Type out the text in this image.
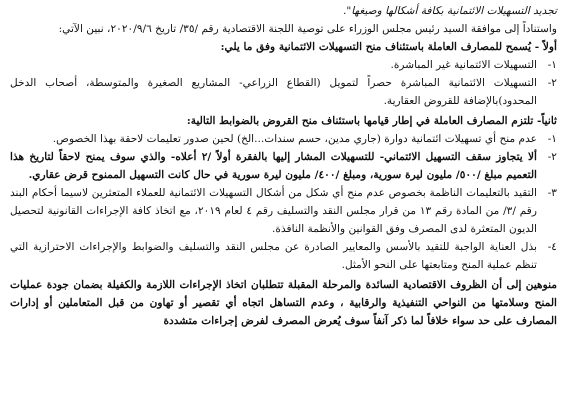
تجديد التسهيلات الائتمانية بكافة أشكالها وصيغها".

واستناداً إلى موافقة السيد رئيس مجلس الوزراء على توصية اللجنة الاقتصادية رقم /٣٥/ تاريخ ٢٠٢٠/٩/٦، نبين الآتي:

أولاً - يُسمح للمصارف العاملة باستئناف منح التسهيلات الائتمانية وفق ما يلي:

١-
التسهيلات الائتمانية غير المباشرة.
٢-
التسهيلات الائتمانية المباشرة حصراً لتمويل (القطاع الزراعي- المشاريع الصغيرة والمتوسطة، أصحاب الدخل المحدود)بالإضافة للقروض العقارية.

ثانياً- تلتزم المصارف العاملة في إطار قيامها باستئناف منح القروض بالضوابط التالية:

١-
عدم منح أي تسهيلات ائتمانية دوارة (جاري مدين، حسم سندات...الخ) لحين صدور تعليمات لاحقة بهذا الخصوص.
٢-
ألا يتجاوز سقف التسهيل الائتماني- للتسهيلات المشار إليها بالفقرة أولاً /٢ أعلاه- والذي سوف يمنح لاحقاً لتاريخ هذا التعميم مبلغ /٥٠٠/ مليون ليرة سورية، ومبلغ /٤٠٠/ مليون ليرة سورية في حال كانت التسهيل الممنوح قرض عقاري.
٣-
التقيد بالتعليمات الناظمة بخصوص عدم منح أي شكل من أشكال التسهيلات الائتمانية للعملاء المتعثرين لاسيما أحكام البند رقم /٣/ من المادة رقم ١٣ من قرار مجلس النقد والتسليف رقم ٤ لعام ٢٠١٩، مع اتخاذ كافة الإجراءات القانونية لتحصيل الديون المتعثرة لدى المصرف وفق القوانين والأنظمة النافذة.
٤-
بذل العناية الواجبة للتقيد بالأسس والمعايير الصادرة عن مجلس النقد والتسليف والضوابط والإجراءات الاحترازية التي تنظم عملية المنح ومتابعتها على النحو الأمثل.

منوهين إلى أن الظروف الاقتصادية السائدة والمرحلة المقبلة تتطلبان اتخاذ الإجراءات اللازمة والكفيلة بضمان جودة عمليات المنح وسلامتها من النواحي التنفيذية والرقابية ، وعدم التساهل اتجاه أي تقصير أو تهاون من قبل المتعاملين أو إدارات المصارف على حد سواء خلافاً لما ذكر آنفاً سوف يُعرض المصرف لفرض إجراءات متشددة
